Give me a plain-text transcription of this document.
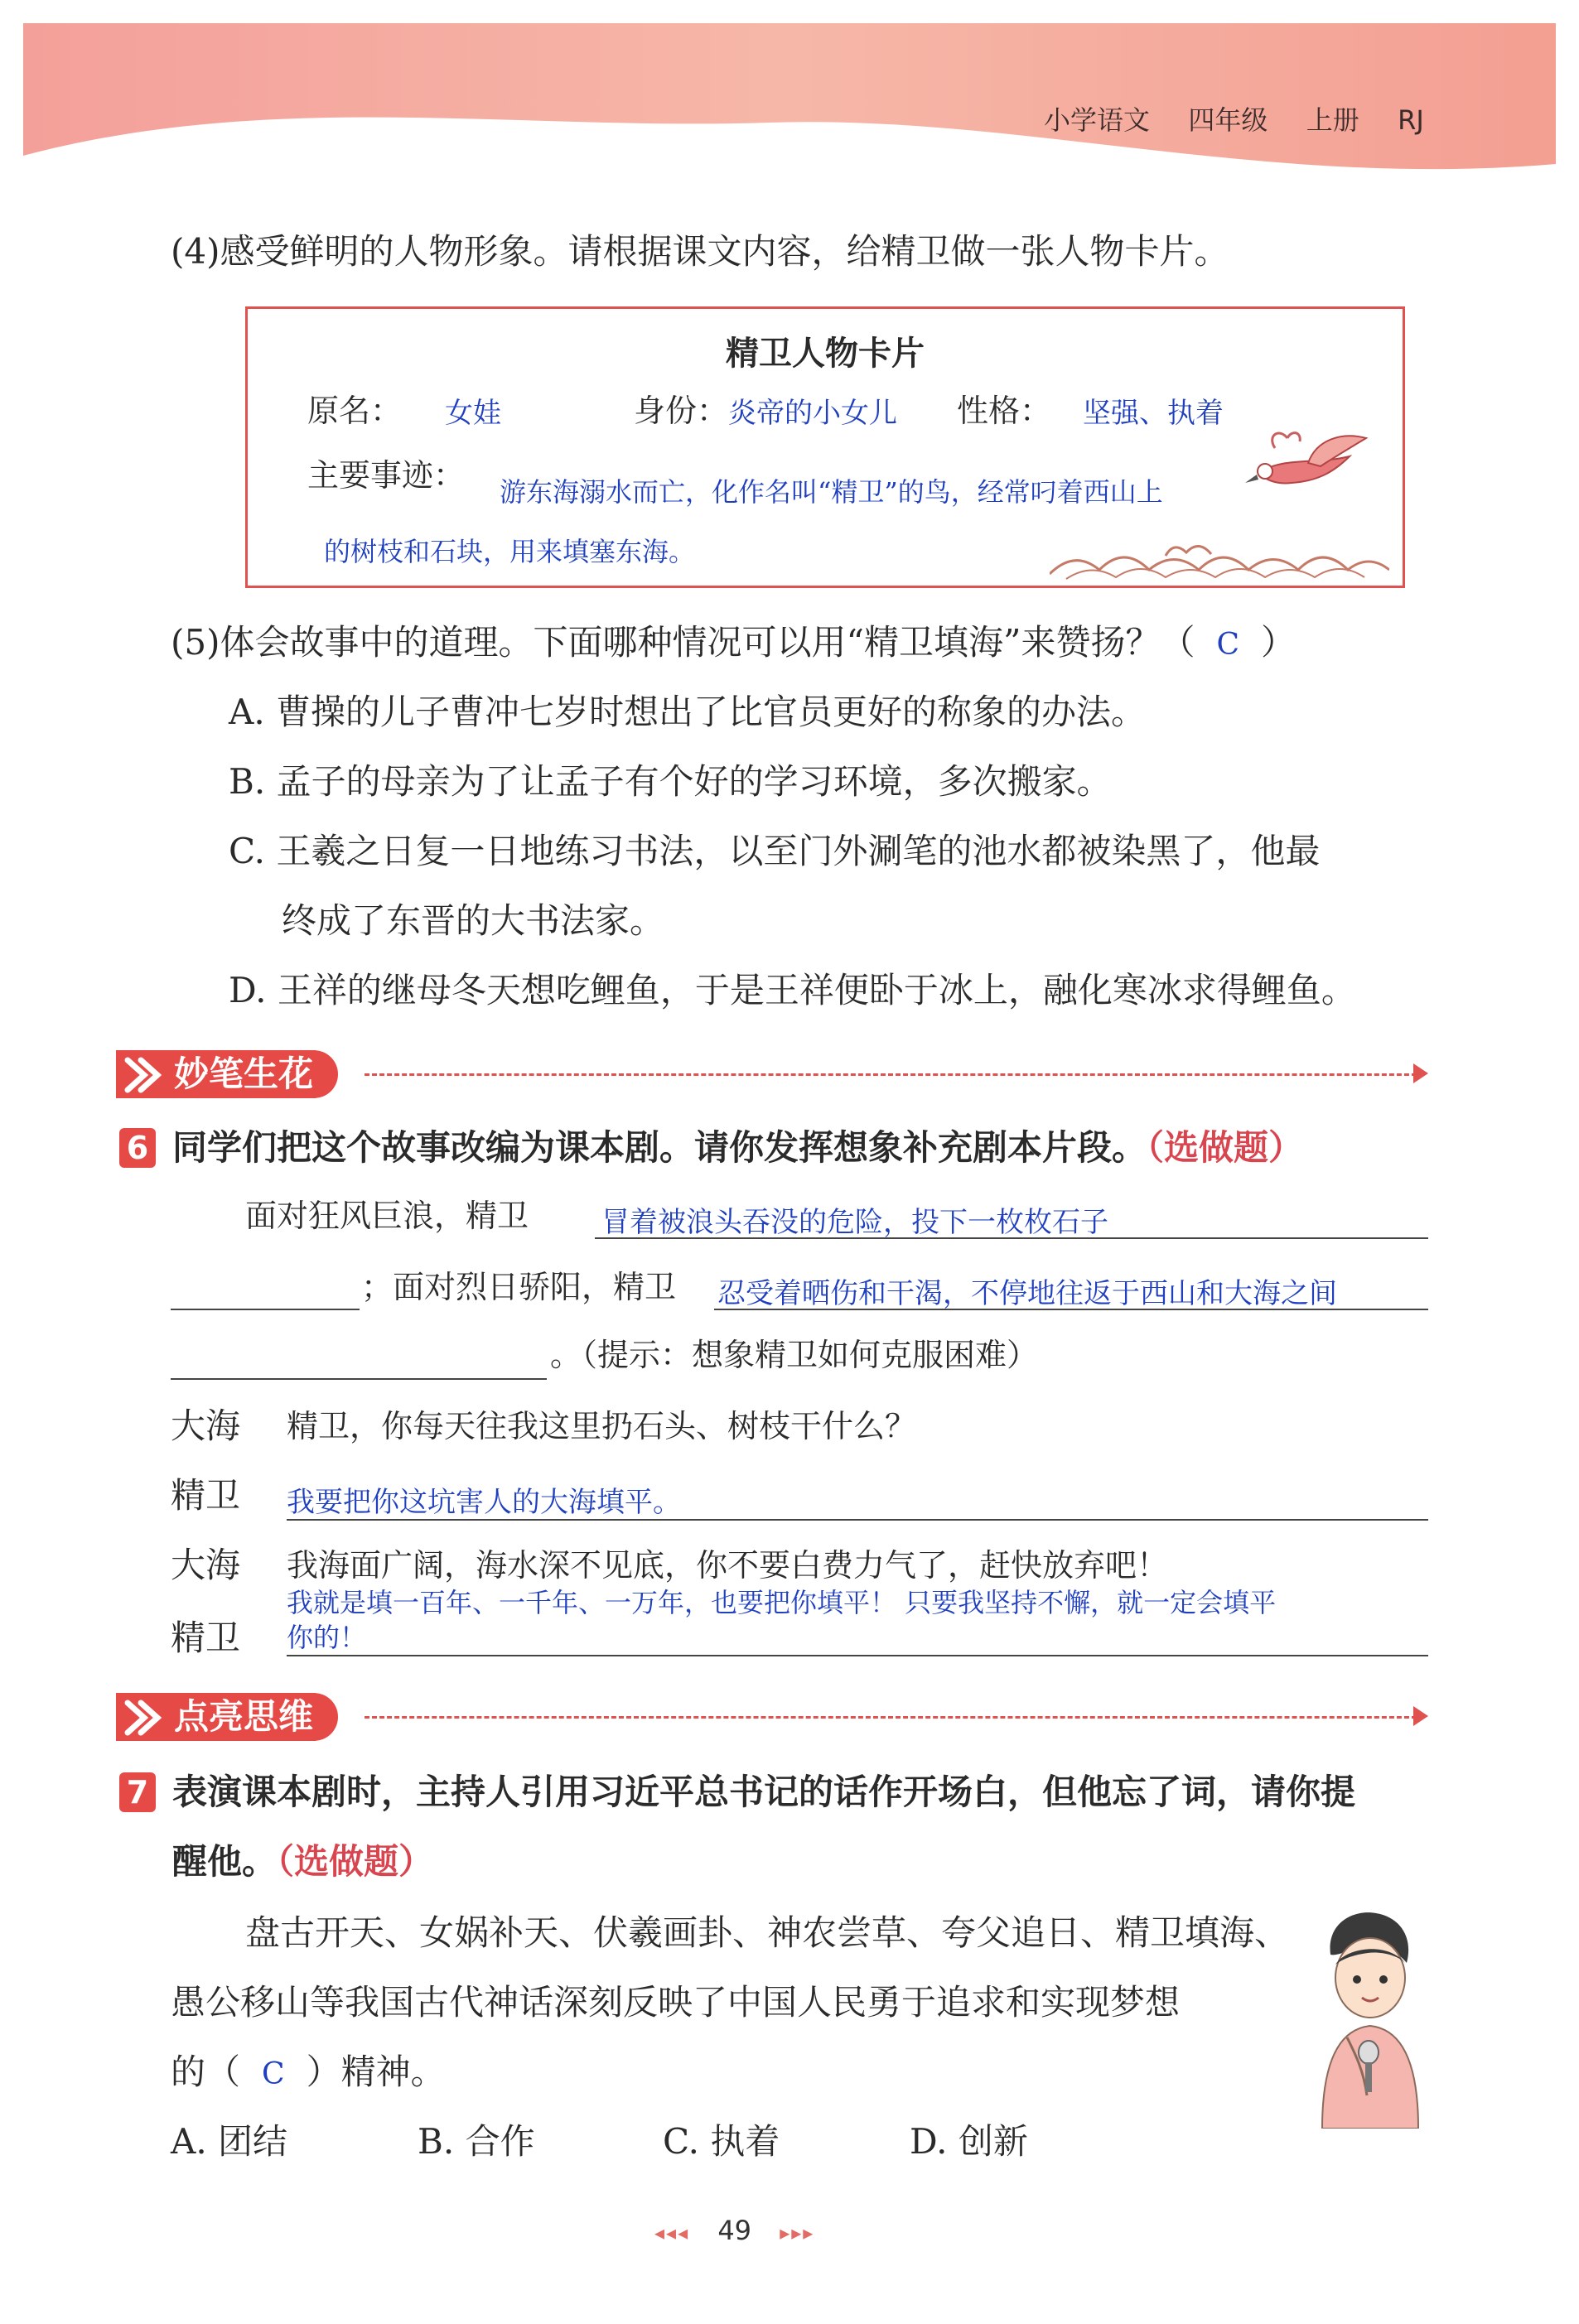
小学语文 四年级 上册 RJ
(4)感受鲜明的人物形象。请根据课文内容，给精卫做一张人物卡片。
精卫人物卡片
原名： 女娃	身份： 炎帝的小女儿 性格： 坚强、执着
主要事迹： 游东海溺水而亡，化作名叫“精卫”的鸟，经常叼着西山上
的树枝和石块，用来填塞东海。
(5)体会故事中的道理。下面哪种情况可以用“精卫填海”来赞扬？（ C ）
A. 曹操的儿子曹冲七岁时想出了比官员更好的称象的办法。
B. 孟子的母亲为了让孟子有个好的学习环境，多次搬家。
C. 王羲之日复一日地练习书法，以至门外涮笔的池水都被染黑了，他最
终成了东晋的大书法家。
D. 王祥的继母冬天想吃鲤鱼，于是王祥便卧于冰上，融化寒冰求得鲤鱼。
妙笔生花
6 同学们把这个故事改编为课本剧。请你发挥想象补充剧本片段。（选做题）
面对狂风巨浪，精卫	冒着被浪头吞没的危险，投下一枚枚石子
；面对烈日骄阳，精卫 忍受着晒伤和干渴，不停地往返于西山和大海之间
。（提示：想象精卫如何克服困难）
大海 精卫，你每天往我这里扔石头、树枝干什么？
精卫 我要把你这坑害人的大海填平。
大海 我海面广阔，海水深不见底，你不要白费力气了，赶快放弃吧！
精卫
我就是填一百年、一千年、一万年，也要把你填平！ 只要我坚持不懈，就一定会填平
你的！
点亮思维
7 表演课本剧时，主持人引用习近平总书记的话作开场白，但他忘了词，请你提
醒他。（选做题）
盘古开天、女娲补天、伏羲画卦、神农尝草、夸父追日、精卫填海、
愚公移山等我国古代神话深刻反映了中国人民勇于追求和实现梦想
的（ C ）精神。
A. 团结	B. 合作	C. 执着	D. 创新
◂◂◂ 49 ▸▸▸
